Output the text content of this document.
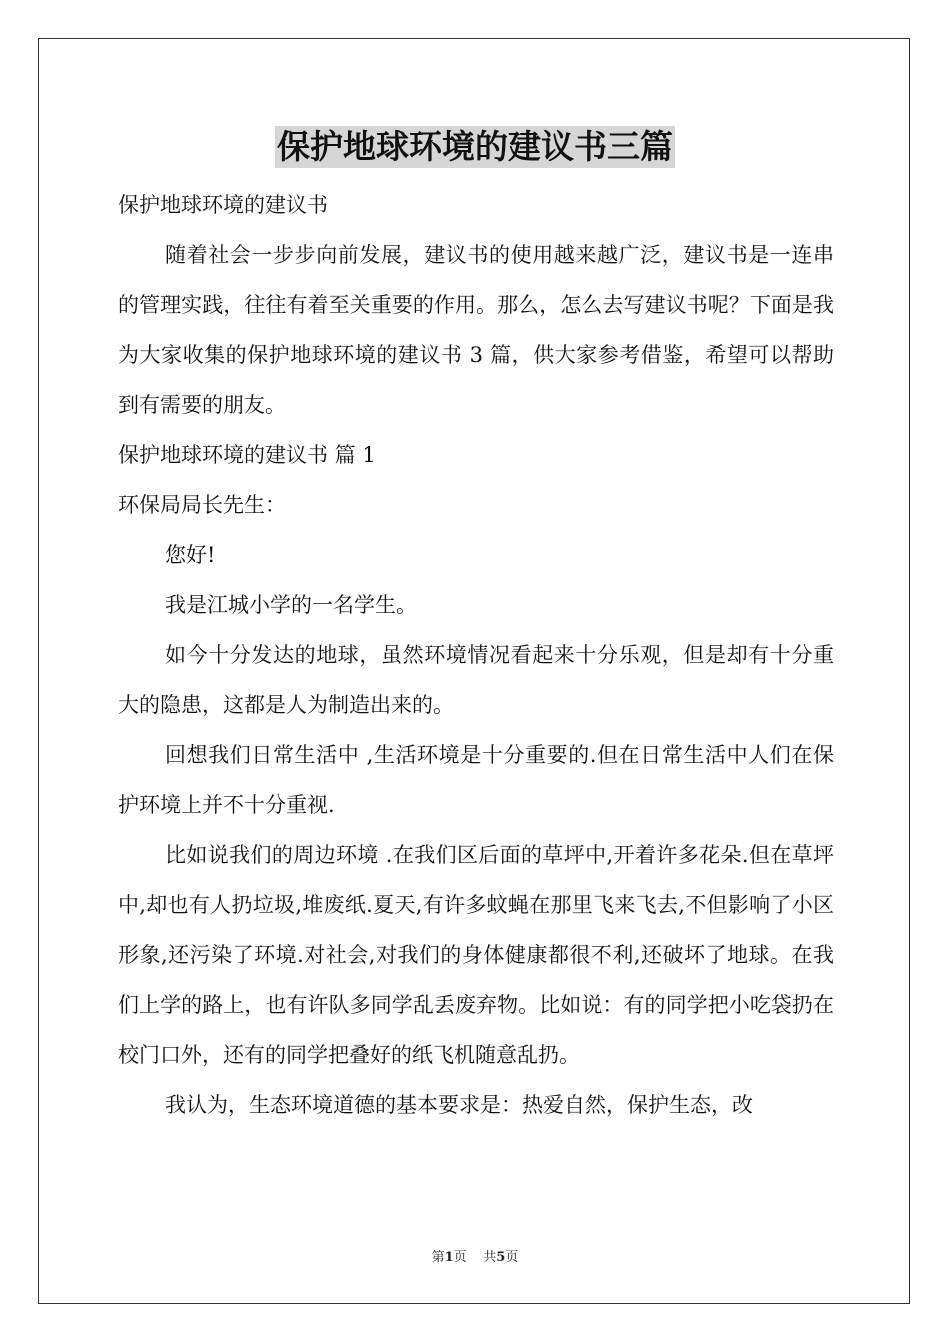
保护地球环境的建议书三篇

保护地球环境的建议书

随着社会一步步向前发展，建议书的使用越来越广泛，建议书是一连串的管理实践，往往有着至关重要的作用。那么，怎么去写建议书呢？下面是我为大家收集的保护地球环境的建议书 3 篇，供大家参考借鉴，希望可以帮助到有需要的朋友。

保护地球环境的建议书 篇 1

环保局局长先生：

您好!

我是江城小学的一名学生。

如今十分发达的地球，虽然环境情况看起来十分乐观，但是却有十分重大的隐患，这都是人为制造出来的。

回想我们日常生活中 ,生活环境是十分重要的.但在日常生活中人们在保护环境上并不十分重视.

比如说我们的周边环境 .在我们区后面的草坪中,开着许多花朵.但在草坪中,却也有人扔垃圾,堆废纸.夏天,有许多蚊蝇在那里飞来飞去,不但影响了小区形象,还污染了环境.对社会,对我们的身体健康都很不利,还破坏了地球。在我们上学的路上，也有许队多同学乱丢废弃物。比如说：有的同学把小吃袋扔在校门口外，还有的同学把叠好的纸飞机随意乱扔。

我认为，生态环境道德的基本要求是：热爱自然，保护生态，改

第1页 共5页
